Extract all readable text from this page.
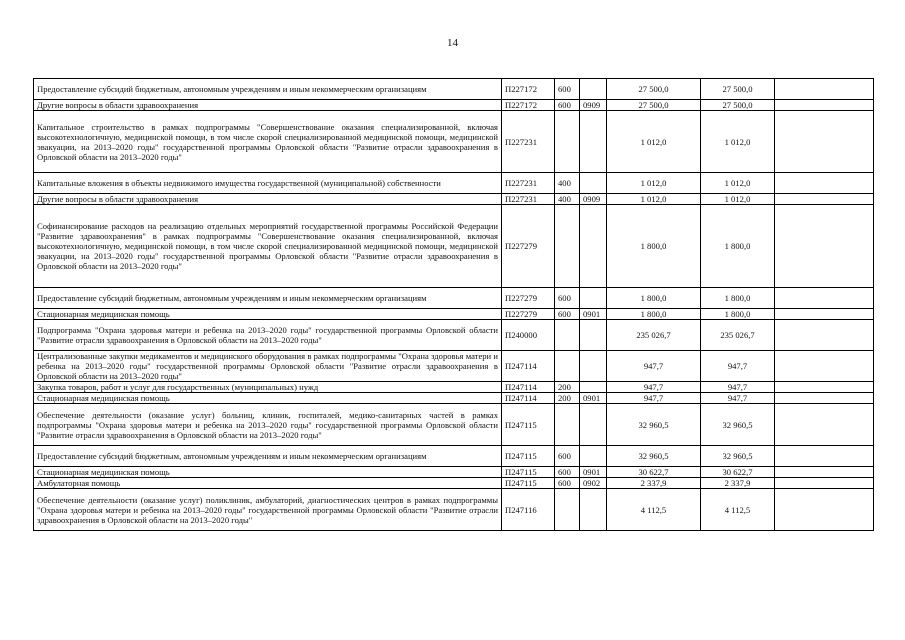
14
Предоставление субсидий бюджетным, автономным учреждениям и иным некоммерческим организациям	П227172	600		27 500,0	27 500,0	
Другие вопросы в области здравоохранения	П227172	600	0909	27 500,0	27 500,0	
Капитальное строительство в рамках подпрограммы "Совершенствование оказания специализированной, включая высокотехнологичную, медицинской помощи, в том числе скорой специализированной медицинской помощи, медицинской эвакуации, на 2013–2020 годы" государственной программы Орловской области "Развитие отрасли здравоохранения в Орловской области на 2013–2020 годы"	П227231			1 012,0	1 012,0	
Капитальные вложения в объекты недвижимого имущества государственной (муниципальной) собственности	П227231	400		1 012,0	1 012,0	
Другие вопросы в области здравоохранения	П227231	400	0909	1 012,0	1 012,0	
Софинансирование расходов на реализацию отдельных мероприятий государственной программы Российской Федерации "Развитие здравоохранения" в рамках подпрограммы "Совершенствование оказания специализированной, включая высокотехнологичную, медицинской помощи, в том числе скорой специализированной медицинской помощи, медицинской эвакуации, на 2013–2020 годы" государственной программы Орловской области "Развитие отрасли здравоохранения в Орловской области на 2013–2020 годы"	П227279			1 800,0	1 800,0	
Предоставление субсидий бюджетным, автономным учреждениям и иным некоммерческим организациям	П227279	600		1 800,0	1 800,0	
Стационарная медицинская помощь	П227279	600	0901	1 800,0	1 800,0	
Подпрограмма "Охрана здоровья матери и ребенка на 2013–2020 годы" государственной программы Орловской области "Развитие отрасли здравоохранения в Орловской области на 2013–2020 годы"	П240000			235 026,7	235 026,7	
Централизованные закупки медикаментов и медицинского оборудования в рамках подпрограммы "Охрана здоровья матери и ребенка на 2013–2020 годы" государственной программы Орловской области "Развитие отрасли здравоохранения в Орловской области на 2013–2020 годы"	П247114			947,7	947,7	
Закупка товаров, работ и услуг для государственных (муниципальных) нужд	П247114	200		947,7	947,7	
Стационарная медицинская помощь	П247114	200	0901	947,7	947,7	
Обеспечение деятельности (оказание услуг) больниц, клиник, госпиталей, медико-санитарных частей в рамках подпрограммы "Охрана здоровья матери и ребенка на 2013–2020 годы" государственной программы Орловской области "Развитие отрасли здравоохранения в Орловской области на 2013–2020 годы"	П247115			32 960,5	32 960,5	
Предоставление субсидий бюджетным, автономным учреждениям и иным некоммерческим организациям	П247115	600		32 960,5	32 960,5	
Стационарная медицинская помощь	П247115	600	0901	30 622,7	30 622,7	
Амбулаторная помощь	П247115	600	0902	2 337,9	2 337,9	
Обеспечение деятельности (оказание услуг) поликлиник, амбулаторий, диагностических центров в рамках подпрограммы "Охрана здоровья матери и ребенка на 2013–2020 годы" государственной программы Орловской области "Развитие отрасли здравоохранения в Орловской области на 2013–2020 годы"	П247116			4 112,5	4 112,5	
